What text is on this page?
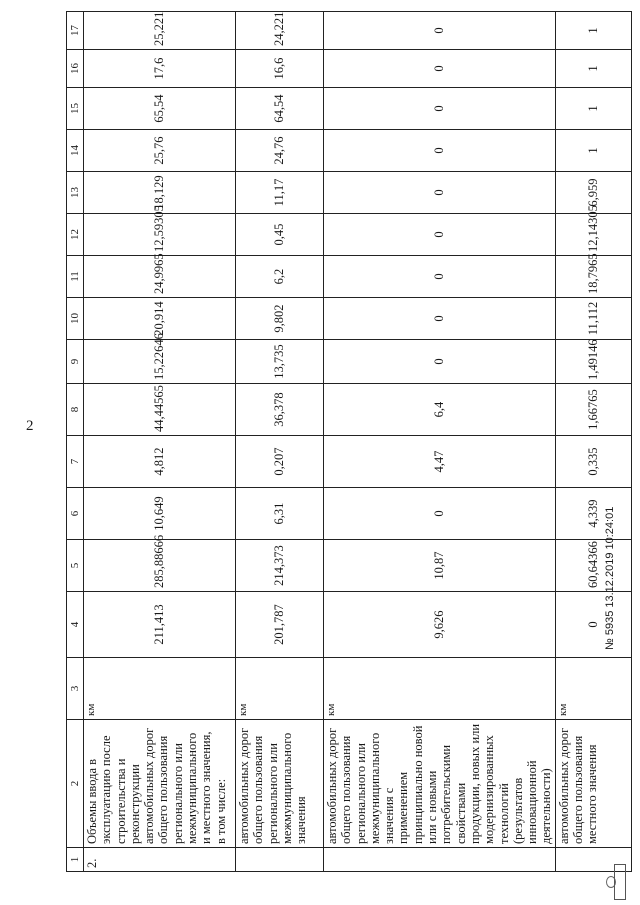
2
1	2	3	4	5	6	7	8	9	10	11	12	13	14	15	16	17
2.	Объемы ввода в эксплуатацию после строительства и реконструкции автомобильных дорог общего пользования регионального или межмуниципального и местного значения, в том числе:	км	211,413	285,88666	10,649	4,812	44,44565	15,22646	20,914	24,9965	12,59305	18,129	25,76	65,54	17,6	25,221
	автомобильных дорог общего пользования регионального или межмуниципального значения	км	201,787	214,373	6,31	0,207	36,378	13,735	9,802	6,2	0,45	11,17	24,76	64,54	16,6	24,221
	автомобильных дорог общего пользования регионального или межмуниципального значения с применением принципиально новой или с новыми потребительскими свойствами продукции, новых или модернизированных технологий (результатов инновационной деятельности)	км	9,626	10,87	0	4,47	6,4	0	0	0	0	0	0	0	0	0
	автомобильных дорог общего пользования местного значения	км	0	60,64366	4,339	0,335	1,66765	1,49146	11,112	18,7965	12,14305	6,959	1	1	1	1
№ 5935 13.12.2019 10:24:01
